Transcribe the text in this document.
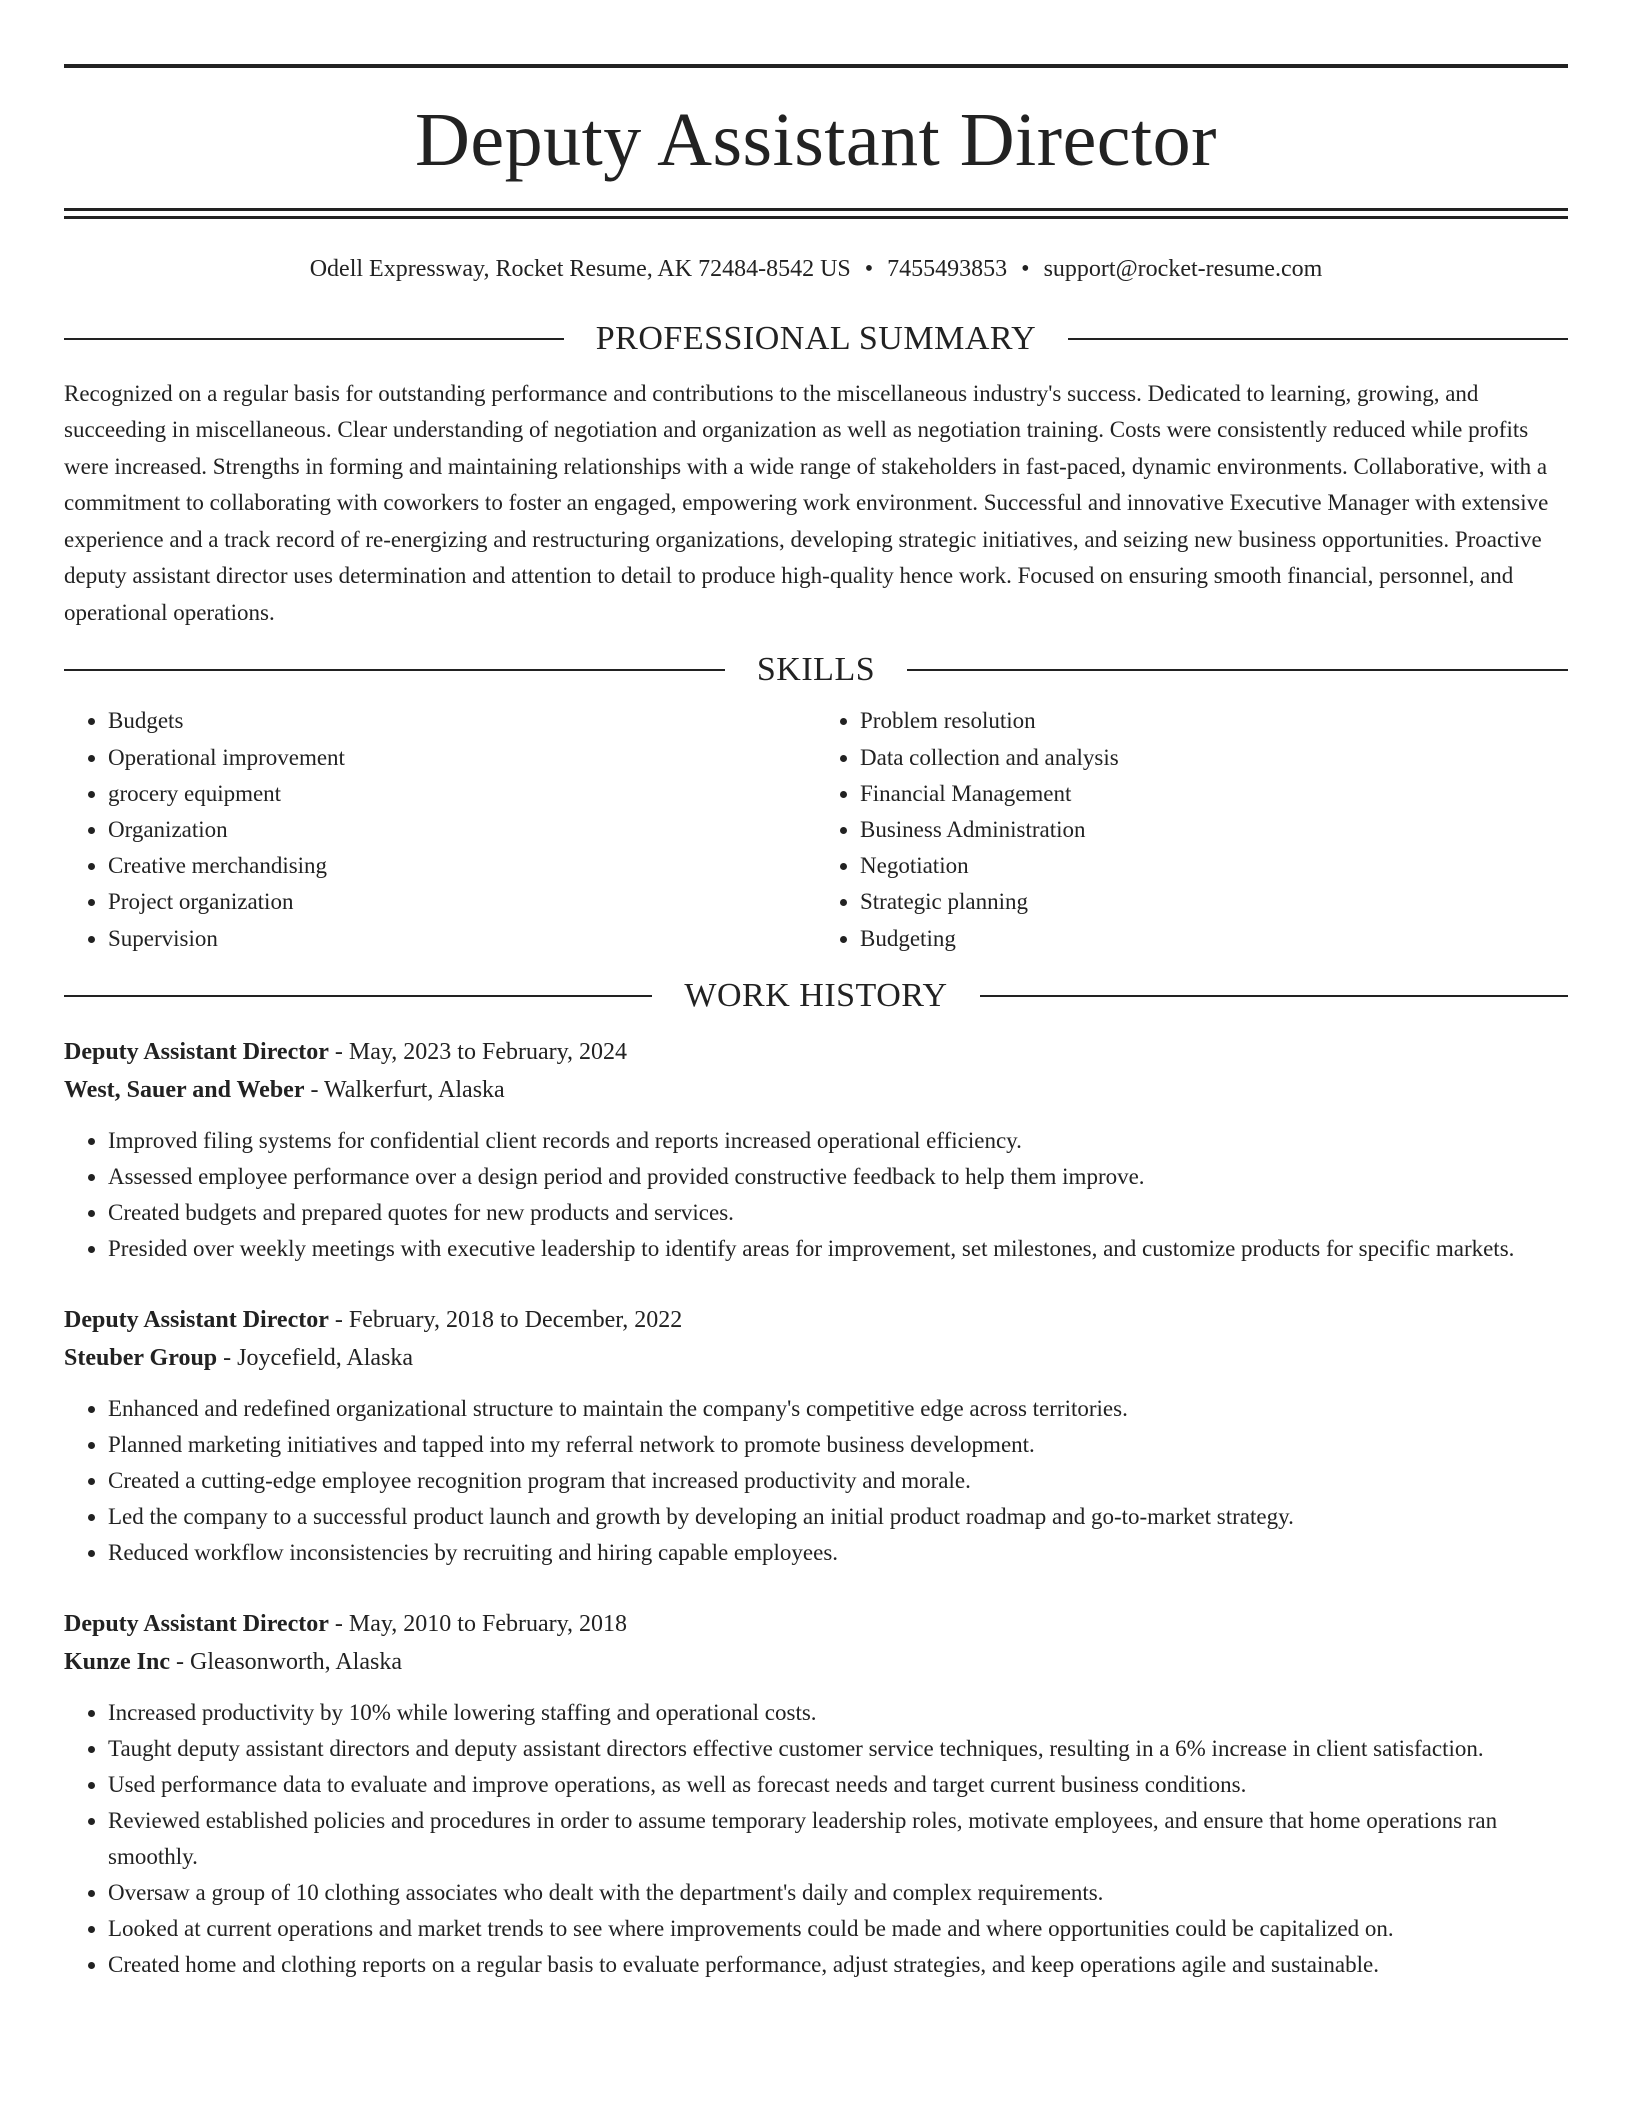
Deputy Assistant Director
Odell Expressway, Rocket Resume, AK 72484-8542 US • 7455493853 • support@rocket-resume.com
PROFESSIONAL SUMMARY

Recognized on a regular basis for outstanding performance and contributions to the miscellaneous industry's success. Dedicated to learning, growing, and succeeding in miscellaneous. Clear understanding of negotiation and organization as well as negotiation training. Costs were consistently reduced while profits were increased. Strengths in forming and maintaining relationships with a wide range of stakeholders in fast-paced, dynamic environments. Collaborative, with a commitment to collaborating with coworkers to foster an engaged, empowering work environment. Successful and innovative Executive Manager with extensive experience and a track record of re-energizing and restructuring organizations, developing strategic initiatives, and seizing new business opportunities. Proactive deputy assistant director uses determination and attention to detail to produce high-quality hence work. Focused on ensuring smooth financial, personnel, and operational operations.

SKILLS
• Budgets
• Operational improvement
• grocery equipment
• Organization
• Creative merchandising
• Project organization
• Supervision
• Problem resolution
• Data collection and analysis
• Financial Management
• Business Administration
• Negotiation
• Strategic planning
• Budgeting
WORK HISTORY
Deputy Assistant Director - May, 2023 to February, 2024
West, Sauer and Weber - Walkerfurt, Alaska
• Improved filing systems for confidential client records and reports increased operational efficiency.
• Assessed employee performance over a design period and provided constructive feedback to help them improve.
• Created budgets and prepared quotes for new products and services.
• Presided over weekly meetings with executive leadership to identify areas for improvement, set milestones, and customize products for specific markets.
Deputy Assistant Director - February, 2018 to December, 2022
Steuber Group - Joycefield, Alaska
• Enhanced and redefined organizational structure to maintain the company's competitive edge across territories.
• Planned marketing initiatives and tapped into my referral network to promote business development.
• Created a cutting-edge employee recognition program that increased productivity and morale.
• Led the company to a successful product launch and growth by developing an initial product roadmap and go-to-market strategy.
• Reduced workflow inconsistencies by recruiting and hiring capable employees.
Deputy Assistant Director - May, 2010 to February, 2018
Kunze Inc - Gleasonworth, Alaska
• Increased productivity by 10% while lowering staffing and operational costs.
• Taught deputy assistant directors and deputy assistant directors effective customer service techniques, resulting in a 6% increase in client satisfaction.
• Used performance data to evaluate and improve operations, as well as forecast needs and target current business conditions.
• Reviewed established policies and procedures in order to assume temporary leadership roles, motivate employees, and ensure that home operations ran smoothly.
• Oversaw a group of 10 clothing associates who dealt with the department's daily and complex requirements.
• Looked at current operations and market trends to see where improvements could be made and where opportunities could be capitalized on.
• Created home and clothing reports on a regular basis to evaluate performance, adjust strategies, and keep operations agile and sustainable.
